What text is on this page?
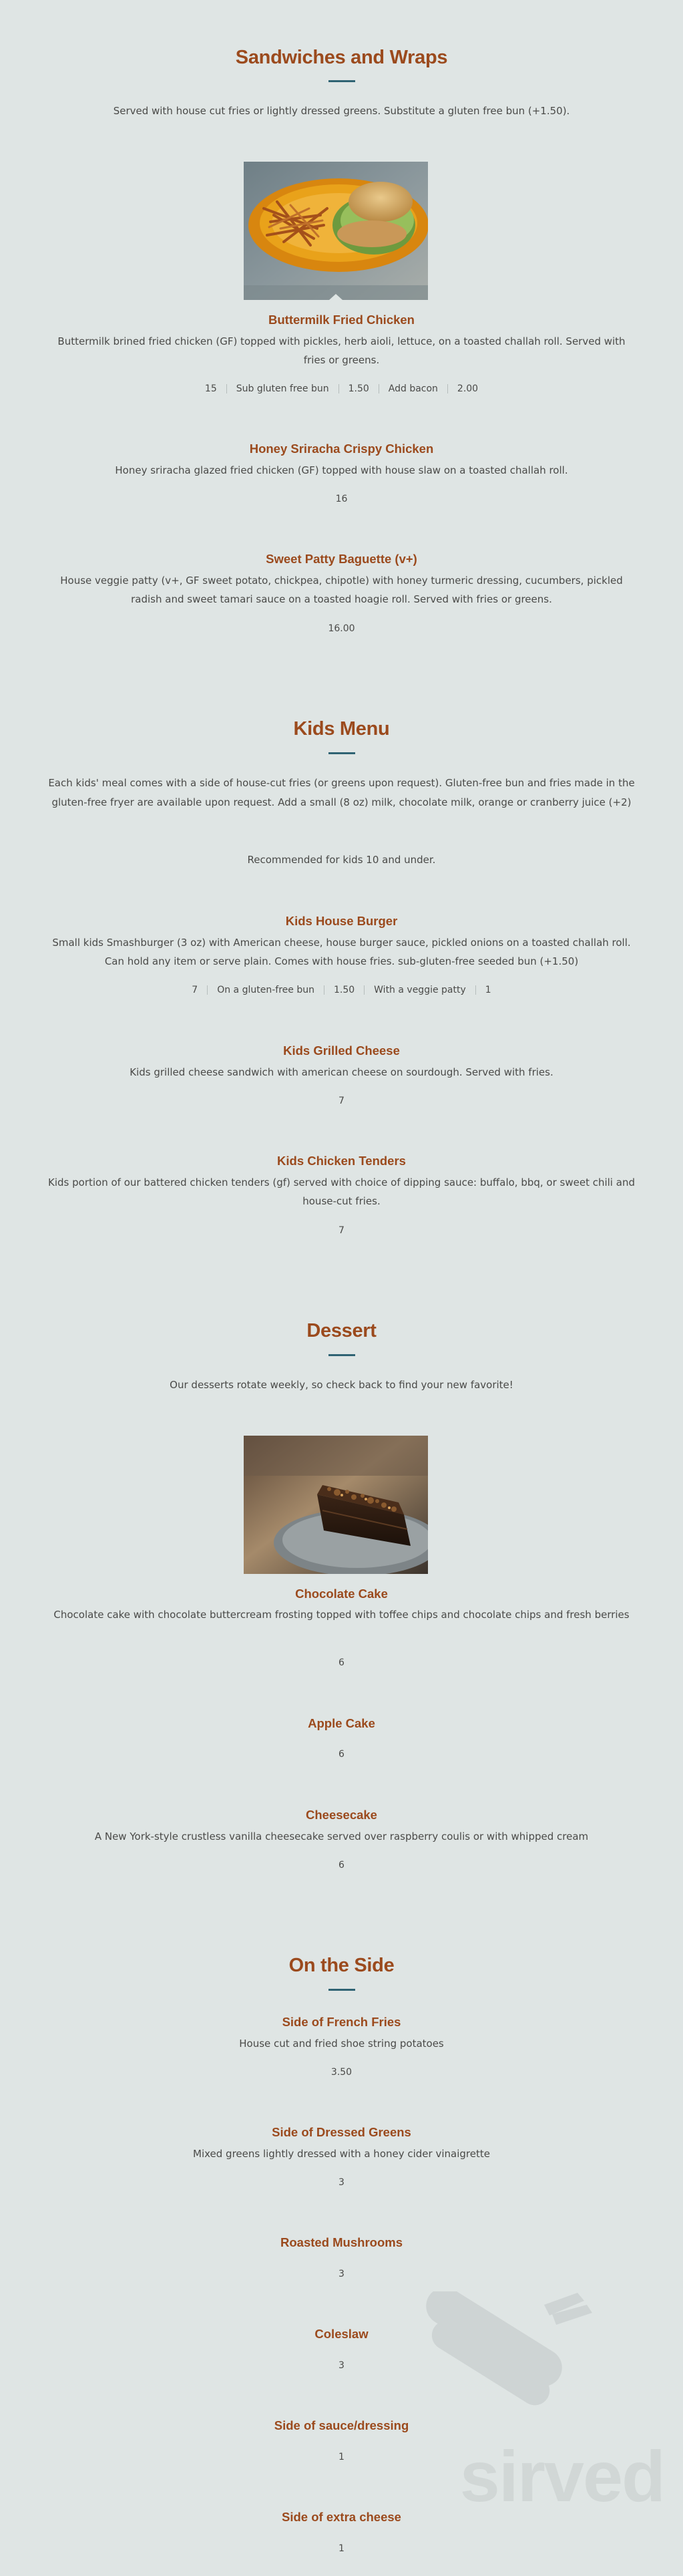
Sandwiches and Wraps
Served with house cut fries or lightly dressed greens. Substitute a gluten free bun (+1.50).
Buttermilk Fried Chicken
Buttermilk brined fried chicken (GF) topped with pickles, herb aioli, lettuce, on a toasted challah roll. Served with fries or greens.
15 Sub gluten free bun 1.50 Add bacon 2.00
Honey Sriracha Crispy Chicken
Honey sriracha glazed fried chicken (GF) topped with house slaw on a toasted challah roll.
16
Sweet Patty Baguette (v+)
House veggie patty (v+, GF sweet potato, chickpea, chipotle) with honey turmeric dressing, cucumbers, pickled radish and sweet tamari sauce on a toasted hoagie roll. Served with fries or greens.
16.00
Kids Menu
Each kids' meal comes with a side of house-cut fries (or greens upon request). Gluten-free bun and fries made in the gluten-free fryer are available upon request. Add a small (8 oz) milk, chocolate milk, orange or cranberry juice (+2)
Recommended for kids 10 and under.
Kids House Burger
Small kids Smashburger (3 oz) with American cheese, house burger sauce, pickled onions on a toasted challah roll. Can hold any item or serve plain. Comes with house fries. sub-gluten-free seeded bun (+1.50)
7 On a gluten-free bun 1.50 With a veggie patty 1
Kids Grilled Cheese
Kids grilled cheese sandwich with american cheese on sourdough. Served with fries.
7
Kids Chicken Tenders
Kids portion of our battered chicken tenders (gf) served with choice of dipping sauce: buffalo, bbq, or sweet chili and house-cut fries.
7
Dessert
Our desserts rotate weekly, so check back to find your new favorite!
Chocolate Cake
Chocolate cake with chocolate buttercream frosting topped with toffee chips and chocolate chips and fresh berries
6
Apple Cake
6
Cheesecake
A New York-style crustless vanilla cheesecake served over raspberry coulis or with whipped cream
6
On the Side
Side of French Fries
House cut and fried shoe string potatoes
3.50
Side of Dressed Greens
Mixed greens lightly dressed with a honey cider vinaigrette
3
Roasted Mushrooms
3
Coleslaw
3
Side of sauce/dressing
1
Side of extra cheese
1
sirved
